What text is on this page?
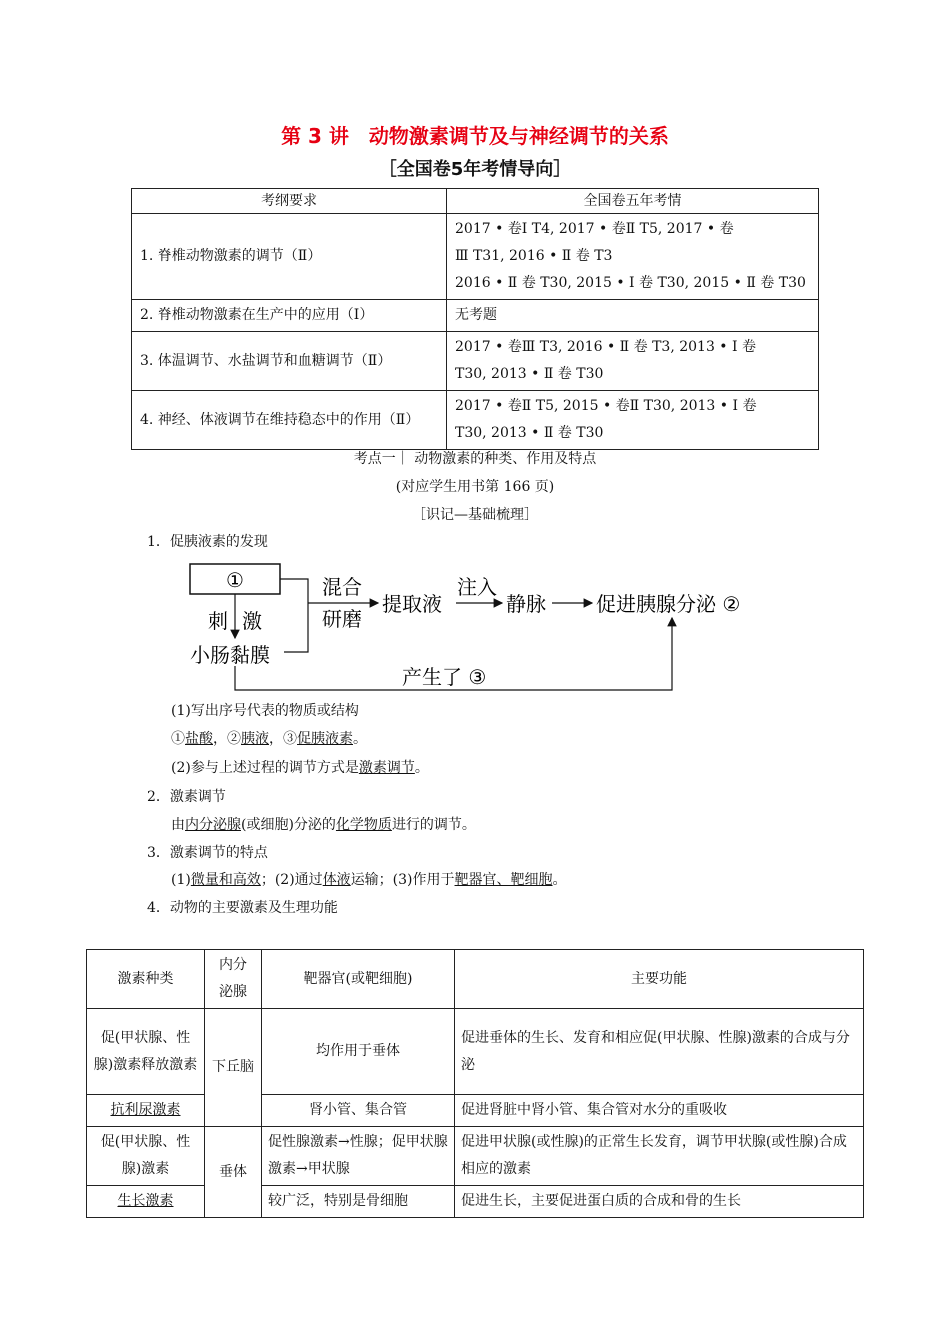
第 3 讲　动物激素调节及与神经调节的关系
［全国卷5年考情导向］
考纲要求	全国卷五年考情
1. 脊椎动物激素的调节（Ⅱ）	2017 • 卷Ⅰ T4, 2017 • 卷Ⅱ T5, 2017 • 卷
Ⅲ T31, 2016 • Ⅱ 卷 T3
2016 • Ⅱ 卷 T30, 2015 • Ⅰ 卷 T30, 2015 • Ⅱ 卷 T30

2. 脊椎动物激素在生产中的应用（Ⅰ）	无考题

3. 体温调节、水盐调节和血糖调节（Ⅱ）	2017 • 卷Ⅲ T3, 2016 • Ⅱ 卷 T3, 2013 • Ⅰ 卷
T30, 2013 • Ⅱ 卷 T30

4. 神经、体液调节在维持稳态中的作用（Ⅱ）	2017 • 卷Ⅱ T5, 2015 • 卷Ⅱ T30, 2013 • Ⅰ 卷
T30, 2013 • Ⅱ 卷 T30
考点一｜ 动物激素的种类、作用及特点
(对应学生用书第 166 页)
［识记—基础梳理］
1．促胰液素的发现
①
刺 激
小肠黏膜
混合
研磨
提取液
注入
静脉	促进胰腺分泌 ②
产生了 ③
(1)写出序号代表的物质或结构
①盐酸，②胰液，③促胰液素。
(2)参与上述过程的调节方式是激素调节。
2．激素调节
由内分泌腺(或细胞)分泌的化学物质进行的调节。
3．激素调节的特点
(1)微量和高效；(2)通过体液运输；(3)作用于靶器官、靶细胞。
4．动物的主要激素及生理功能
激素种类	内分
泌腺	靶器官(或靶细胞)	主要功能
促(甲状腺、性腺)激素释放激素	下丘脑	均作用于垂体	促进垂体的生长、发育和相应促(甲状腺、性腺)激素的合成与分泌
抗利尿激素		肾小管、集合管	促进肾脏中肾小管、集合管对水分的重吸收
促(甲状腺、性腺)激素	垂体	促性腺激素→性腺；促甲状腺激素→甲状腺	促进甲状腺(或性腺)的正常生长发育，调节甲状腺(或性腺)合成相应的激素
生长激素		较广泛，特别是骨细胞	促进生长，主要促进蛋白质的合成和骨的生长
